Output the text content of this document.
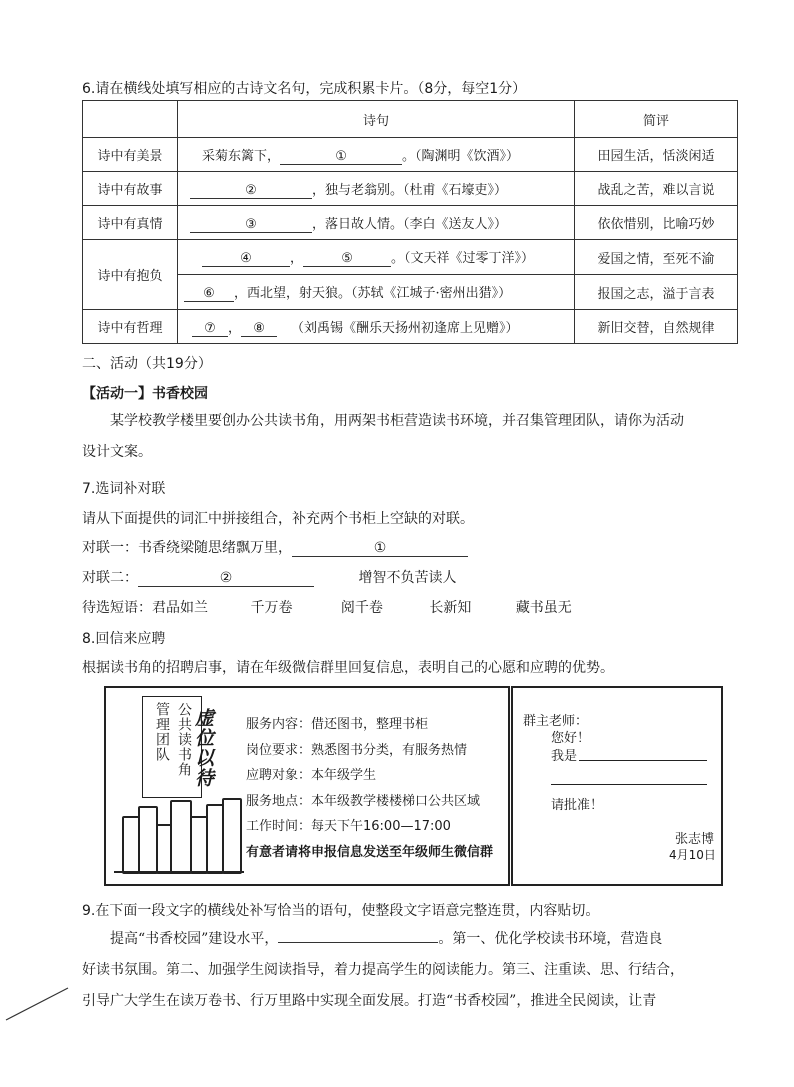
6.请在横线处填写相应的古诗文名句，完成积累卡片。（8分，每空1分）
	诗句	简评
诗中有美景	采菊东篱下， ① 。（陶渊明《饮酒》）	田园生活，恬淡闲适
诗中有故事	② ，独与老翁别。（杜甫《石壕吏》）	战乱之苦，难以言说
诗中有真情	③ ，落日故人情。（李白《送友人》）	依依惜别，比喻巧妙
诗中有抱负	④ ， ⑤ 。（文天祥《过零丁洋》）	爱国之情，至死不渝
	⑥ ，西北望，射天狼。（苏轼《江城子·密州出猎》）	报国之志，溢于言表
诗中有哲理	⑦ ， ⑧ （刘禹锡《酬乐天扬州初逢席上见赠》）	新旧交替，自然规律
二、活动（共19分）
【活动一】书香校园
某学校教学楼里要创办公共读书角，用两架书柜营造读书环境，并召集管理团队，请你为活动
设计文案。
7.选词补对联
请从下面提供的词汇中拼接组合，补充两个书柜上空缺的对联。
对联一：书香绕梁随思绪飘万里，	①
对联二：	②	增智不负苦读人
待选短语：君品如兰	千万卷	阅千卷	长新知	藏书虽无
8.回信来应聘
根据读书角的招聘启事，请在年级微信群里回复信息，表明自己的心愿和应聘的优势。
公共读书角
管理团队 虚位以待 服务内容：借还图书，整理书柜
岗位要求：熟悉图书分类，有服务热情
应聘对象：本年级学生
服务地点：本年级教学楼楼梯口公共区域
工作时间：每天下午16:00—17:00
有意者请将申报信息发送至年级师生微信群
群主老师：
您好！
我是
请批准！
张志博
4月10日
9.在下面一段文字的横线处补写恰当的语句，使整段文字语意完整连贯，内容贴切。
提高“书香校园”建设水平，	。第一、优化学校读书环境，营造良
好读书氛围。第二、加强学生阅读指导，着力提高学生的阅读能力。第三、注重读、思、行结合，
引导广大学生在读万卷书、行万里路中实现全面发展。打造“书香校园”，推进全民阅读，让青
